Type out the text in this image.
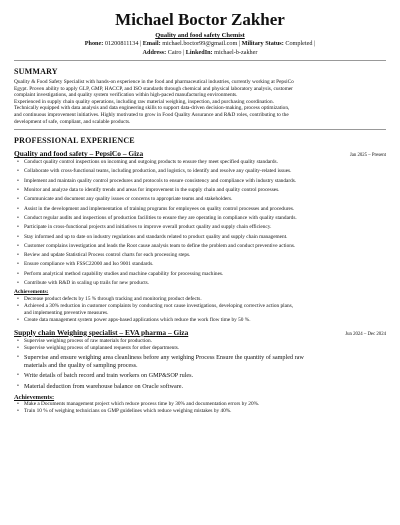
Michael Boctor Zakher
Quality and food safety Chemist
Phone: 01200811134 | Email: michael.boctor99@gmail.com | Military Status: Completed |
Address: Cairo | LinkedIn: michael-b-zakher
SUMMARY

Quality & Food Safety Specialist with hands-on experience in the food and pharmaceutical industries, currently working at PepsiCo

Egypt. Proven ability to apply GLP, GMP, HACCP, and ISO standards through chemical and physical laboratory analysis, customer

complaint investigations, and quality system verification within high-paced manufacturing environments.

Experienced in supply chain quality operations, including raw material weighing, inspection, and purchasing coordination.

Technically equipped with data analysis and data engineering skills to support data-driven decision-making, process optimization,

and continuous improvement initiatives. Highly motivated to grow in Food Quality Assurance and R&D roles, contributing to the

development of safe, compliant, and scalable products.

PROFESSIONAL EXPERIENCE
Quality and food safety – PepsiCo – Giza	Jan 2025 – Present
• Conduct quality control inspections on incoming and outgoing products to ensure they meet specified quality standards.
• Collaborate with cross-functional teams, including production, and logistics, to identify and resolve any quality-related issues.
• Implement and maintain quality control procedures and protocols to ensure consistency and compliance with industry standards.
• Monitor and analyze data to identify trends and areas for improvement in the supply chain and quality control processes.
• Communicate and document any quality issues or concerns to appropriate teams and stakeholders.
• Assist in the development and implementation of training programs for employees on quality control processes and procedures.
• Conduct regular audits and inspections of production facilities to ensure they are operating in compliance with quality standards.
• Participate in cross-functional projects and initiatives to improve overall product quality and supply chain efficiency.
• Stay informed and up to date on industry regulations and standards related to product quality and supply chain management.
• Customer complains investigation and leads the Root cause analysis team to define the problem and conduct preventive actions.
• Review and update Statistical Process control charts for each processing steps.
• Ensure compliance with FSSC22000 and Iso 9001 standards.
• Perform analytical method capability studies and machine capability for processing machines.
• Contribute with R&D in scaling up trails for new products.
Achievements:
• Decrease product defects by 15 % through tracking and monitoring product defects.
• Achieved a 30% reduction in customer complaints by conducting root cause investigations, developing corrective action plans,
and implementing preventive measures.
• Create data management system power apps-based applications which reduce the work flow time by 50 %.
Supply chain Weighing specialist – EVA pharma – Giza	Jun 2024 – Dec 2024
• Supervise weighing process of raw materials for production.
• Supervise weighing process of unplanned requests for other departments.
• Supervise and ensure weighing area cleanliness before any weighing Process Ensure the quantity of sampled raw
materials and the quality of sampling process.
• Write details of batch record and train workers on GMP&SOP rules.
• Material deduction from warehouse balance on Oracle software.
Achievements:
• Make a Documents management project which reduce process time by 30% and documentation errors by 20%.
• Train 10 % of weighing technicians on GMP guidelines which reduce weighing mistakes by 40%.
